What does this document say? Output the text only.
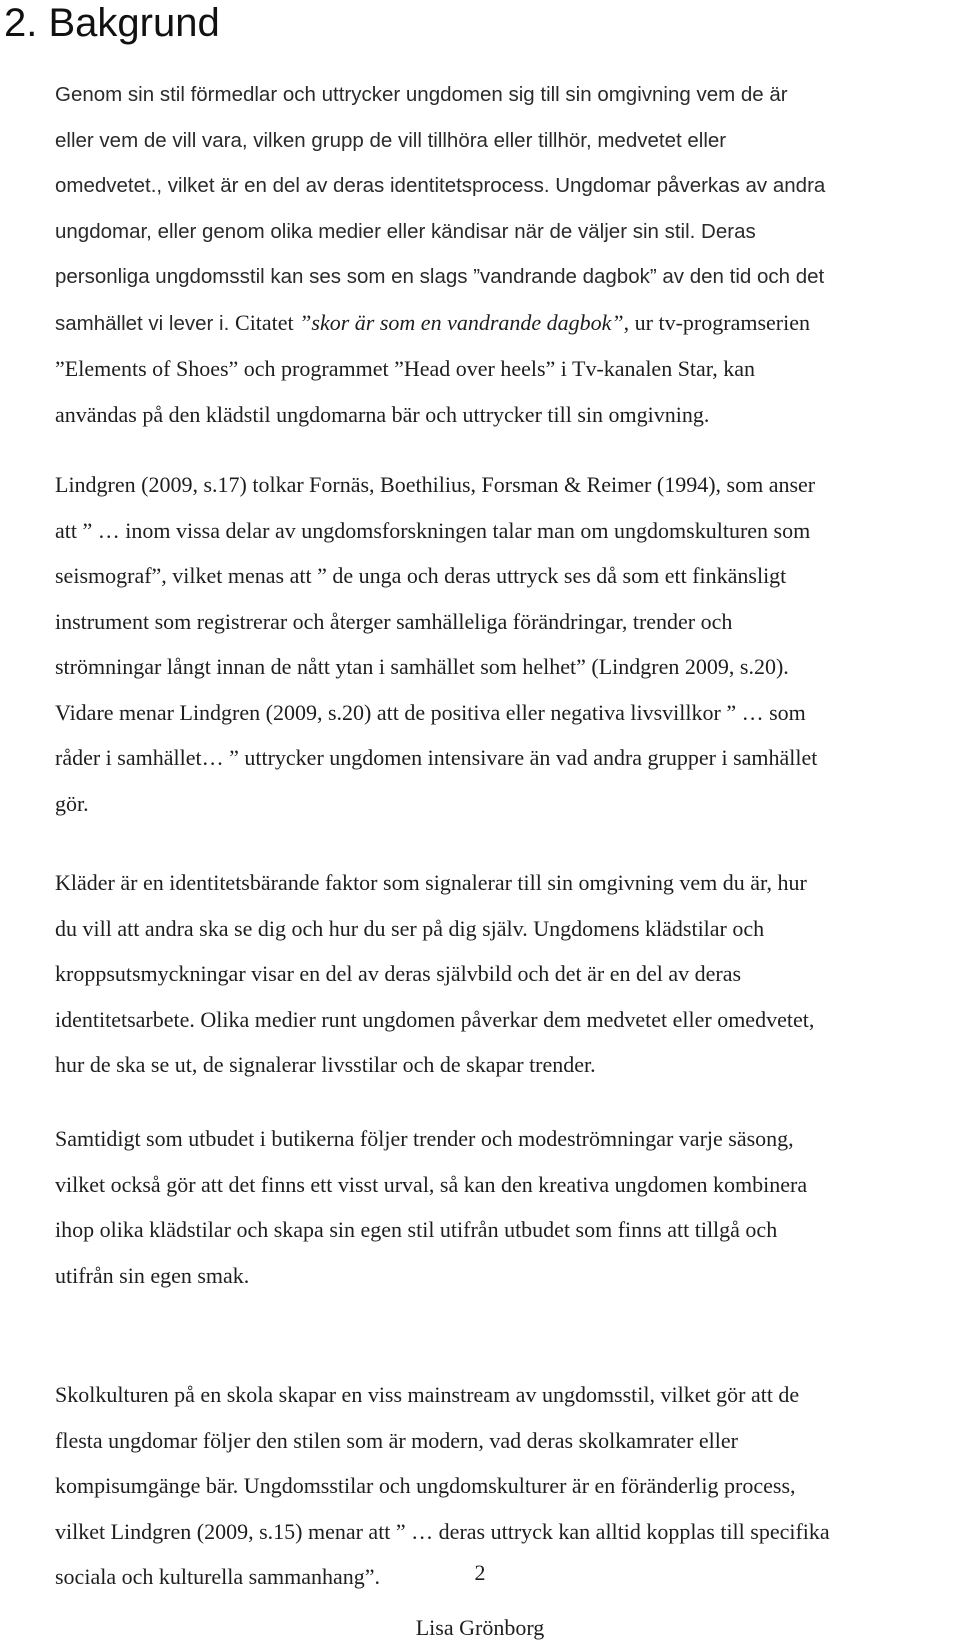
2. Bakgrund

Genom sin stil förmedlar och uttrycker ungdomen sig till sin omgivning vem de är
eller vem de vill vara, vilken grupp de vill tillhöra eller tillhör, medvetet eller
omedvetet., vilket är en del av deras identitetsprocess. Ungdomar påverkas av andra
ungdomar, eller genom olika medier eller kändisar när de väljer sin stil. Deras
personliga ungdomsstil kan ses som en slags ”vandrande dagbok” av den tid och det
samhället vi lever i. Citatet ”skor är som en vandrande dagbok”, ur tv-programserien
”Elements of Shoes” och programmet ”Head over heels” i Tv-kanalen Star, kan
användas på den klädstil ungdomarna bär och uttrycker till sin omgivning.

Lindgren (2009, s.17) tolkar Fornäs, Boethilius, Forsman & Reimer (1994), som anser
att ” … inom vissa delar av ungdomsforskningen talar man om ungdomskulturen som
seismograf”, vilket menas att ” de unga och deras uttryck ses då som ett finkänsligt
instrument som registrerar och återger samhälleliga förändringar, trender och
strömningar långt innan de nått ytan i samhället som helhet” (Lindgren 2009, s.20).
Vidare menar Lindgren (2009, s.20) att de positiva eller negativa livsvillkor ” … som
råder i samhället… ” uttrycker ungdomen intensivare än vad andra grupper i samhället
gör.

Kläder är en identitetsbärande faktor som signalerar till sin omgivning vem du är, hur
du vill att andra ska se dig och hur du ser på dig själv. Ungdomens klädstilar och
kroppsutsmyckningar visar en del av deras självbild och det är en del av deras
identitetsarbete. Olika medier runt ungdomen påverkar dem medvetet eller omedvetet,
hur de ska se ut, de signalerar livsstilar och de skapar trender.

Samtidigt som utbudet i butikerna följer trender och modeströmningar varje säsong,
vilket också gör att det finns ett visst urval, så kan den kreativa ungdomen kombinera
ihop olika klädstilar och skapa sin egen stil utifrån utbudet som finns att tillgå och
utifrån sin egen smak.

Skolkulturen på en skola skapar en viss mainstream av ungdomsstil, vilket gör att de
flesta ungdomar följer den stilen som är modern, vad deras skolkamrater eller
kompisumgänge bär. Ungdomsstilar och ungdomskulturer är en föränderlig process,
vilket Lindgren (2009, s.15) menar att ” … deras uttryck kan alltid kopplas till specifika
sociala och kulturella sammanhang”.	2
Lisa Grönborg
